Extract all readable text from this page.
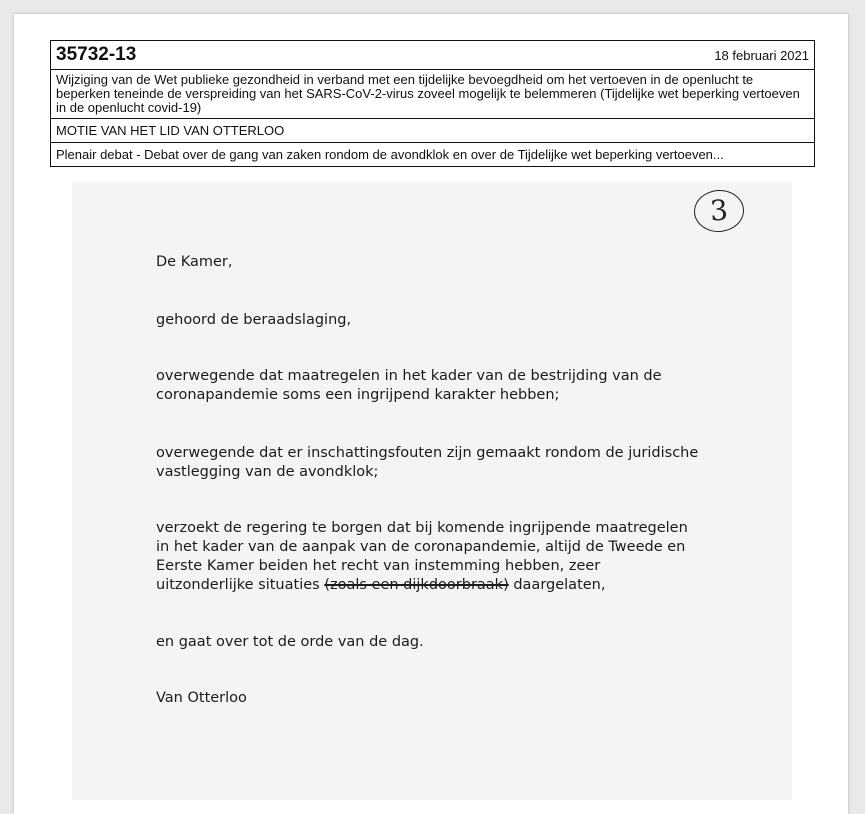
35732-13	18 februari 2021
Wijziging van de Wet publieke gezondheid in verband met een tijdelijke bevoegdheid om het vertoeven in de openlucht te beperken teneinde de verspreiding van het SARS-CoV-2-virus zoveel mogelijk te belemmeren (Tijdelijke wet beperking vertoeven in de openlucht covid-19)
MOTIE VAN HET LID VAN OTTERLOO
Plenair debat - Debat over de gang van zaken rondom de avondklok en over de Tijdelijke wet beperking vertoeven...
3
De Kamer,
gehoord de beraadslaging,
overwegende dat maatregelen in het kader van de bestrijding van de
coronapandemie soms een ingrijpend karakter hebben;
overwegende dat er inschattingsfouten zijn gemaakt rondom de juridische
vastlegging van de avondklok;
verzoekt de regering te borgen dat bij komende ingrijpende maatregelen
in het kader van de aanpak van de coronapandemie, altijd de Tweede en
Eerste Kamer beiden het recht van instemming hebben, zeer
uitzonderlijke situaties (zoals een dijkdoorbraak) daargelaten,
en gaat over tot de orde van de dag.
Van Otterloo
